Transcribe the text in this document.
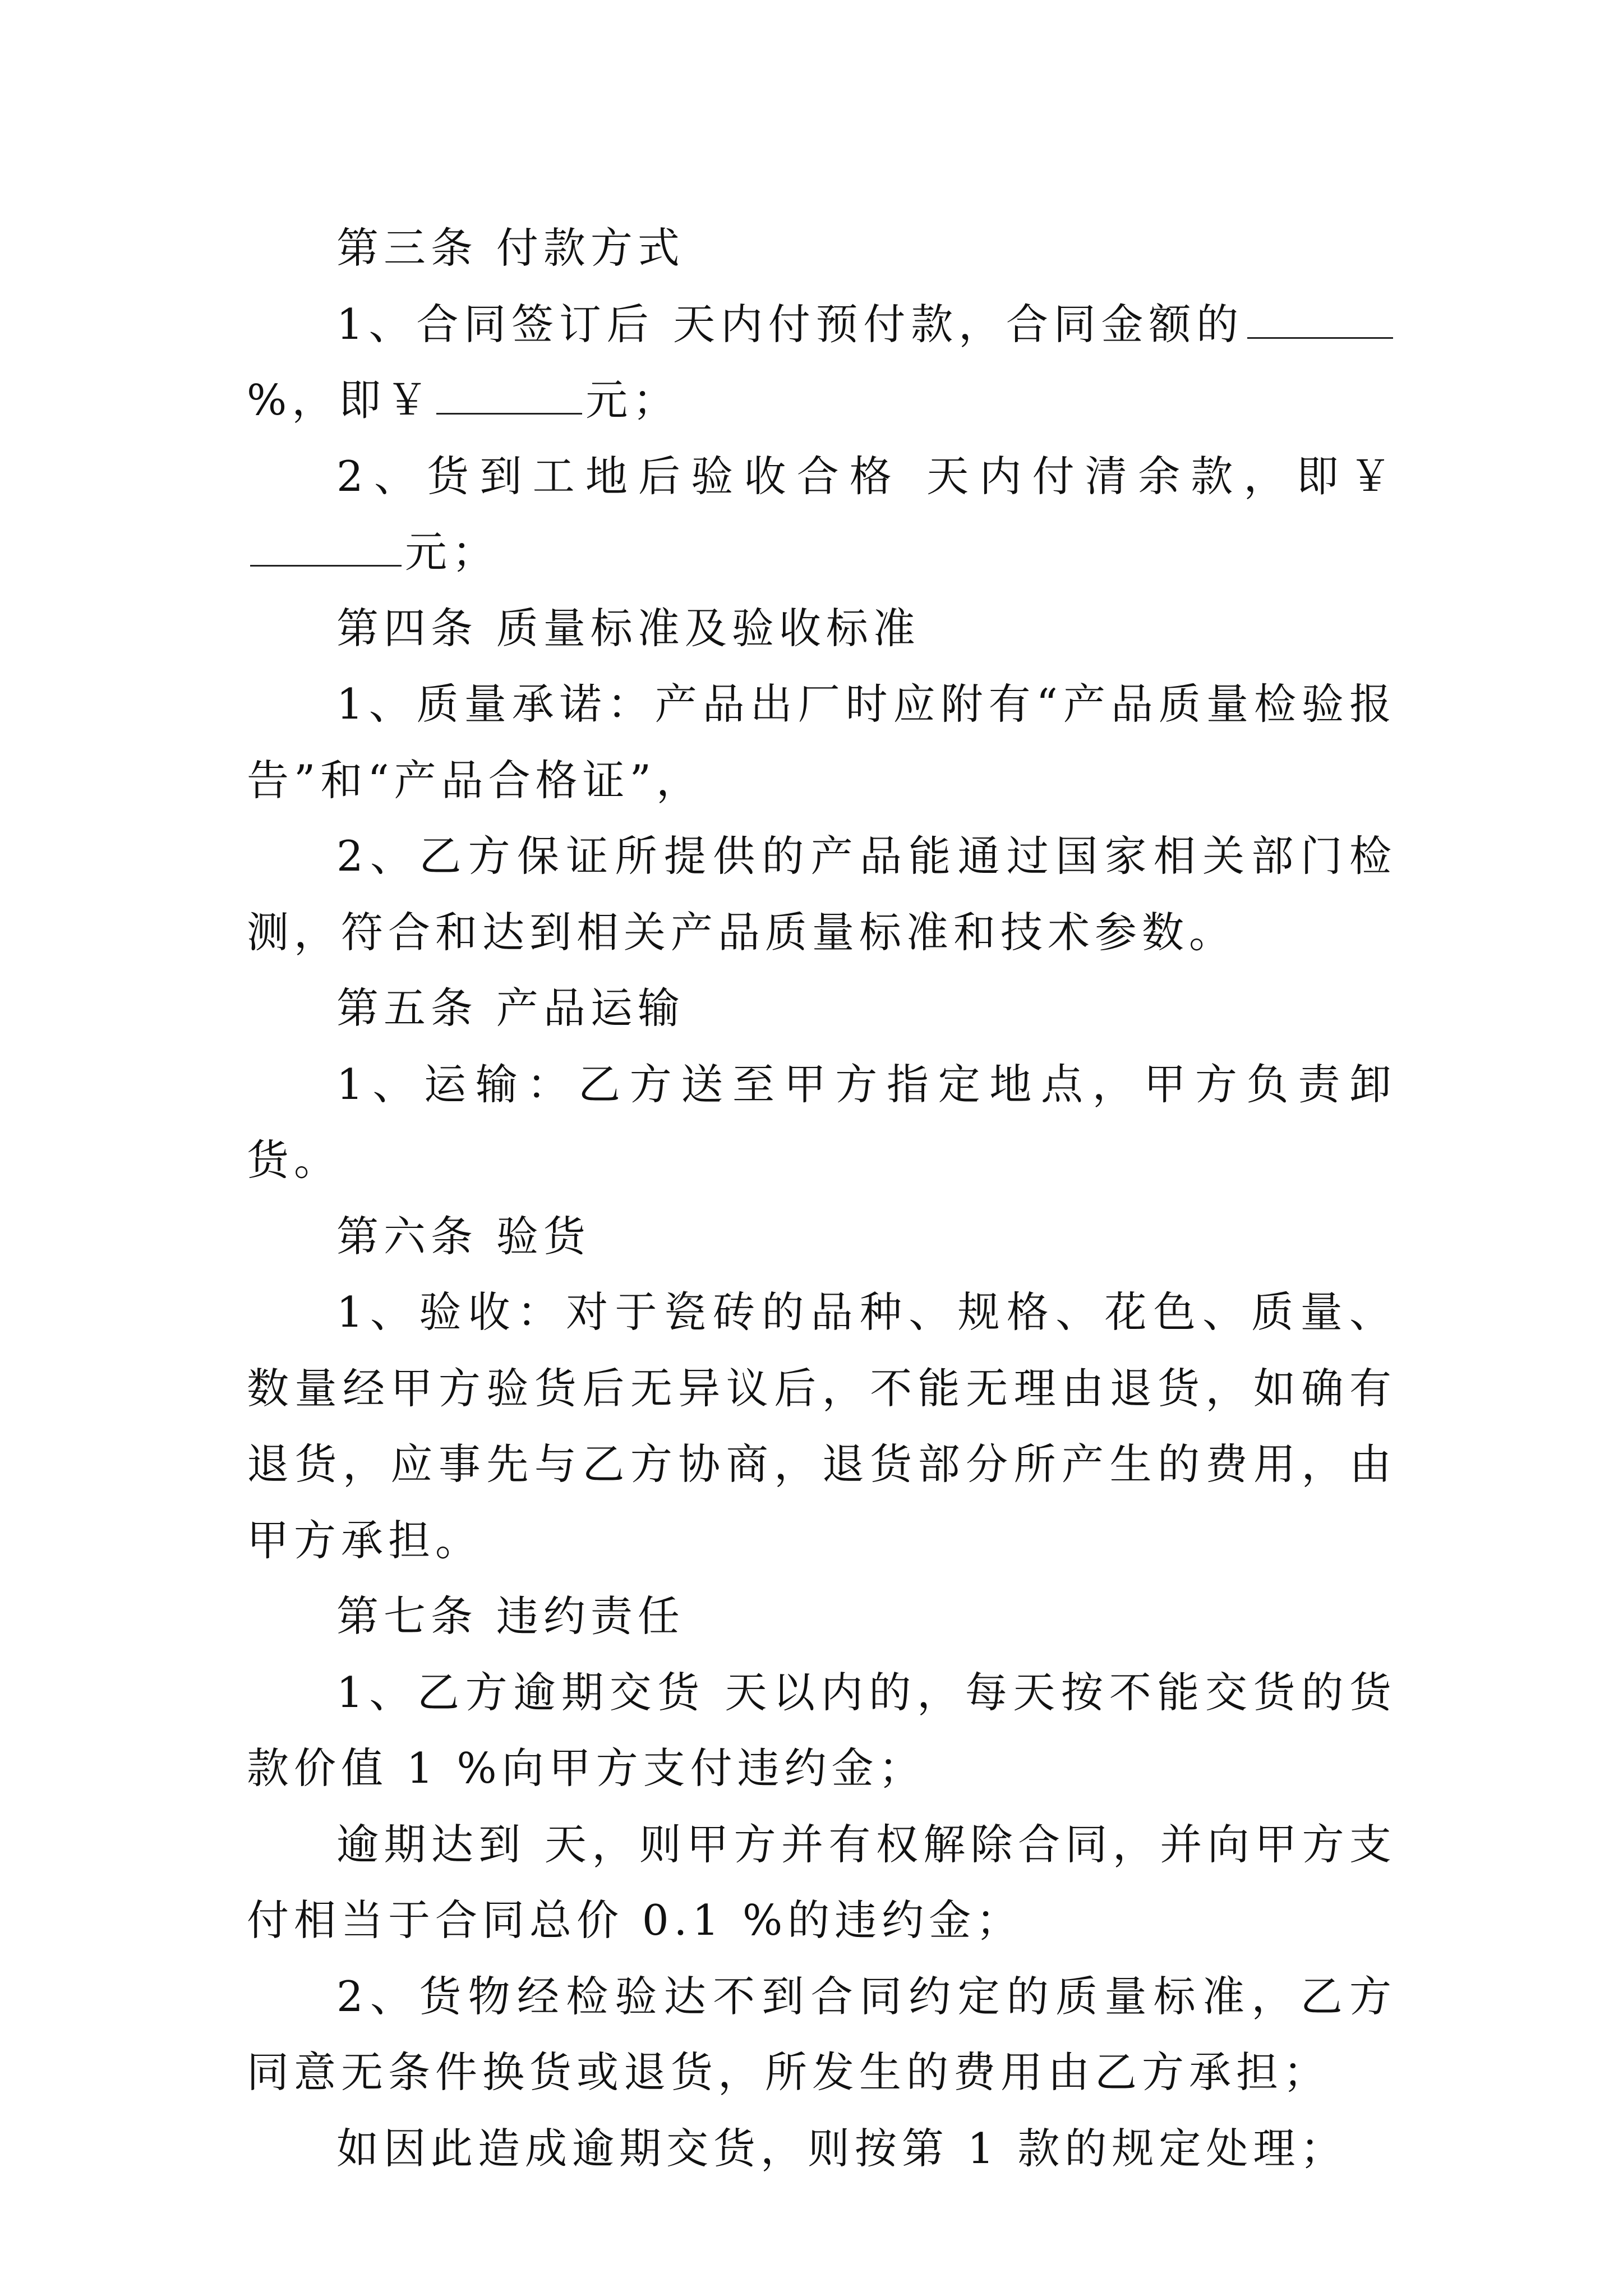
第三条 付款方式

1、合同签订后 天内付预付款，合同金额的%，即￥	元；

2、货到工地后验收合格 天内付清余款，即￥元；

第四条 质量标准及验收标准

1、质量承诺：产品出厂时应附有“产品质量检验报告”和“产品合格证”，

2、乙方保证所提供的产品能通过国家相关部门检测，符合和达到相关产品质量标准和技术参数。

第五条 产品运输

1、运输：乙方送至甲方指定地点，甲方负责卸货。

第六条 验货

1、验收：对于瓷砖的品种、规格、花色、质量、数量经甲方验货后无异议后，不能无理由退货，如确有退货，应事先与乙方协商，退货部分所产生的费用，由甲方承担。

第七条 违约责任

1、乙方逾期交货 天以内的，每天按不能交货的货款价值 1 %向甲方支付违约金；

逾期达到 天，则甲方并有权解除合同，并向甲方支付相当于合同总价 0.1 %的违约金；

2、货物经检验达不到合同约定的质量标准，乙方同意无条件换货或退货，所发生的费用由乙方承担；

如因此造成逾期交货，则按第 1 款的规定处理；
